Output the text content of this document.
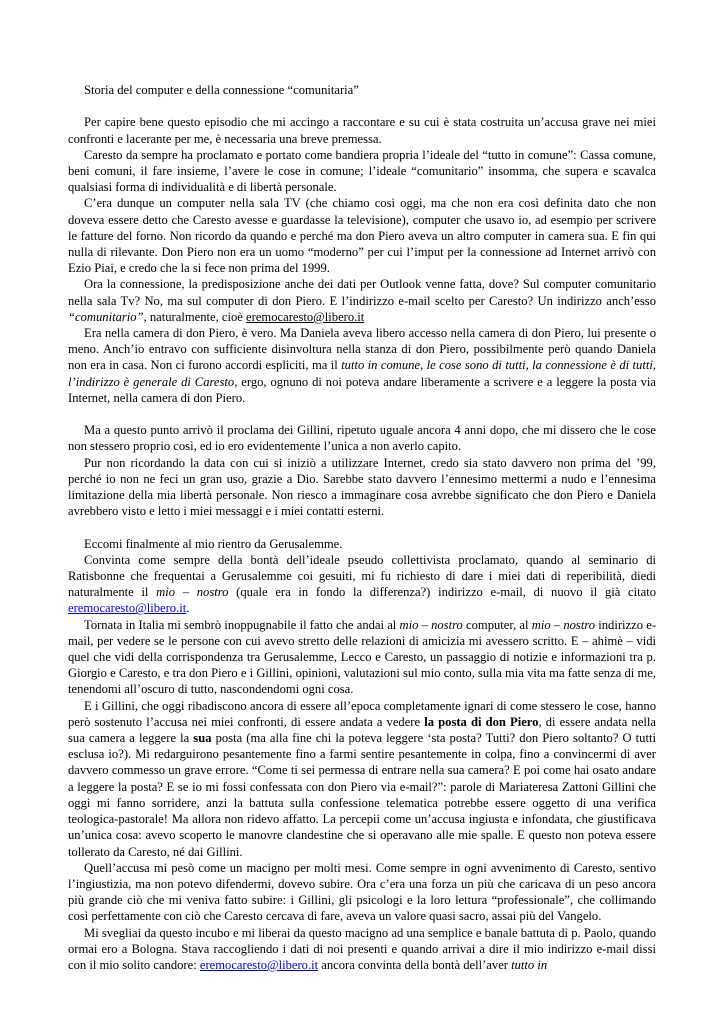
Storia del computer e della connessione “comunitaria”

Per capire bene questo episodio che mi accingo a raccontare e su cui è stata costruita un’accusa grave nei miei confronti e lacerante per me, è necessaria una breve premessa.

Caresto da sempre ha proclamato e portato come bandiera propria l’ideale del “tutto in comune”: Cassa comune, beni comuni, il fare insieme, l’avere le cose in comune; l’ideale “comunitario” insomma, che supera e scavalca qualsiasi forma di individualità e di libertà personale.

C’era dunque un computer nella sala TV (che chiamo così oggi, ma che non era così definita dato che non doveva essere detto che Caresto avesse e guardasse la televisione), computer che usavo io, ad esempio per scrivere le fatture del forno. Non ricordo da quando e perché ma don Piero aveva un altro computer in camera sua. E fin qui nulla di rilevante. Don Piero non era un uomo “moderno” per cui l’imput per la connessione ad Internet arrivò con Ezio Piai, e credo che la si fece non prima del 1999.

Ora la connessione, la predisposizione anche dei dati per Outlook venne fatta, dove? Sul computer comunitario nella sala Tv? No, ma sul computer di don Piero. E l’indirizzo e-mail scelto per Caresto? Un indirizzo anch’esso “comunitario”, naturalmente, cioè eremocaresto@libero.it

Era nella camera di don Piero, è vero. Ma Daniela aveva libero accesso nella camera di don Piero, lui presente o meno. Anch’io entravo con sufficiente disinvoltura nella stanza di don Piero, possibilmente però quando Daniela non era in casa. Non ci furono accordi espliciti, ma il tutto in comune, le cose sono di tutti, la connessione è di tutti, l’indirizzo è generale di Caresto, ergo, ognuno di noi poteva andare liberamente a scrivere e a leggere la posta via Internet, nella camera di don Piero.

Ma a questo punto arrivò il proclama dei Gillini, ripetuto uguale ancora 4 anni dopo, che mi dissero che le cose non stessero proprio così, ed io ero evidentemente l’unica a non averlo capito.

Pur non ricordando la data con cui si iniziò a utilizzare Internet, credo sia stato davvero non prima del ’99, perché io non ne feci un gran uso, grazie a Dio. Sarebbe stato davvero l’ennesimo mettermi a nudo e l’ennesima limitazione della mia libertà personale. Non riesco a immaginare cosa avrebbe significato che don Piero e Daniela avrebbero visto e letto i miei messaggi e i miei contatti esterni.

Eccomi finalmente al mio rientro da Gerusalemme.

Convinta come sempre della bontà dell’ideale pseudo collettivista proclamato, quando al seminario di Ratisbonne che frequentai a Gerusalemme coi gesuiti, mi fu richiesto di dare i miei dati di reperibilità, diedi naturalmente il mio – nostro (quale era in fondo la differenza?) indirizzo e-mail, di nuovo il già citato eremocaresto@libero.it.

Tornata in Italia mi sembrò inoppugnabile il fatto che andai al mio – nostro computer, al mio – nostro indirizzo e-mail, per vedere se le persone con cui avevo stretto delle relazioni di amicizia mi avessero scritto. E – ahimè – vidi quel che vidi della corrispondenza tra Gerusalemme, Lecco e Caresto, un passaggio di notizie e informazioni tra p. Giorgio e Caresto, e tra don Piero e i Gillini, opinioni, valutazioni sul mio conto, sulla mia vita ma fatte senza di me, tenendomi all’oscuro di tutto, nascondendomi ogni cosa.

E i Gillini, che oggi ribadiscono ancora di essere all’epoca completamente ignari di come stessero le cose, hanno però sostenuto l’accusa nei miei confronti, di essere andata a vedere la posta di don Piero, di essere andata nella sua camera a leggere la sua posta (ma alla fine chi la poteva leggere ‘sta posta? Tutti? don Piero soltanto? O tutti esclusa io?). Mi redarguirono pesantemente fino a farmi sentire pesantemente in colpa, fino a convincermi di aver davvero commesso un grave errore. “Come ti sei permessa di entrare nella sua camera? E poi come hai osato andare a leggere la posta? E se io mi fossi confessata con don Piero via e-mail?”: parole di Mariateresa Zattoni Gillini che oggi mi fanno sorridere, anzi la battuta sulla confessione telematica potrebbe essere oggetto di una verifica teologica-pastorale! Ma allora non ridevo affatto. La percepii come un’accusa ingiusta e infondata, che giustificava un’unica cosa: avevo scoperto le manovre clandestine che si operavano alle mie spalle. E questo non poteva essere tollerato da Caresto, né dai Gillini.

Quell’accusa mi pesò come un macigno per molti mesi. Come sempre in ogni avvenimento di Caresto, sentivo l’ingiustizia, ma non potevo difendermi, dovevo subire. Ora c’era una forza un più che caricava di un peso ancora più grande ciò che mi veniva fatto subire: i Gillini, gli psicologi e la loro lettura “professionale”, che collimando così perfettamente con ciò che Caresto cercava di fare, aveva un valore quasi sacro, assai più del Vangelo.

Mi svegliai da questo incubo e mi liberai da questo macigno ad una semplice e banale battuta di p. Paolo, quando ormai ero a Bologna. Stava raccogliendo i dati di noi presenti e quando arrivai a dire il mio indirizzo e-mail dissi con il mio solito candore: eremocaresto@libero.it ancora convinta della bontà dell’aver tutto in
